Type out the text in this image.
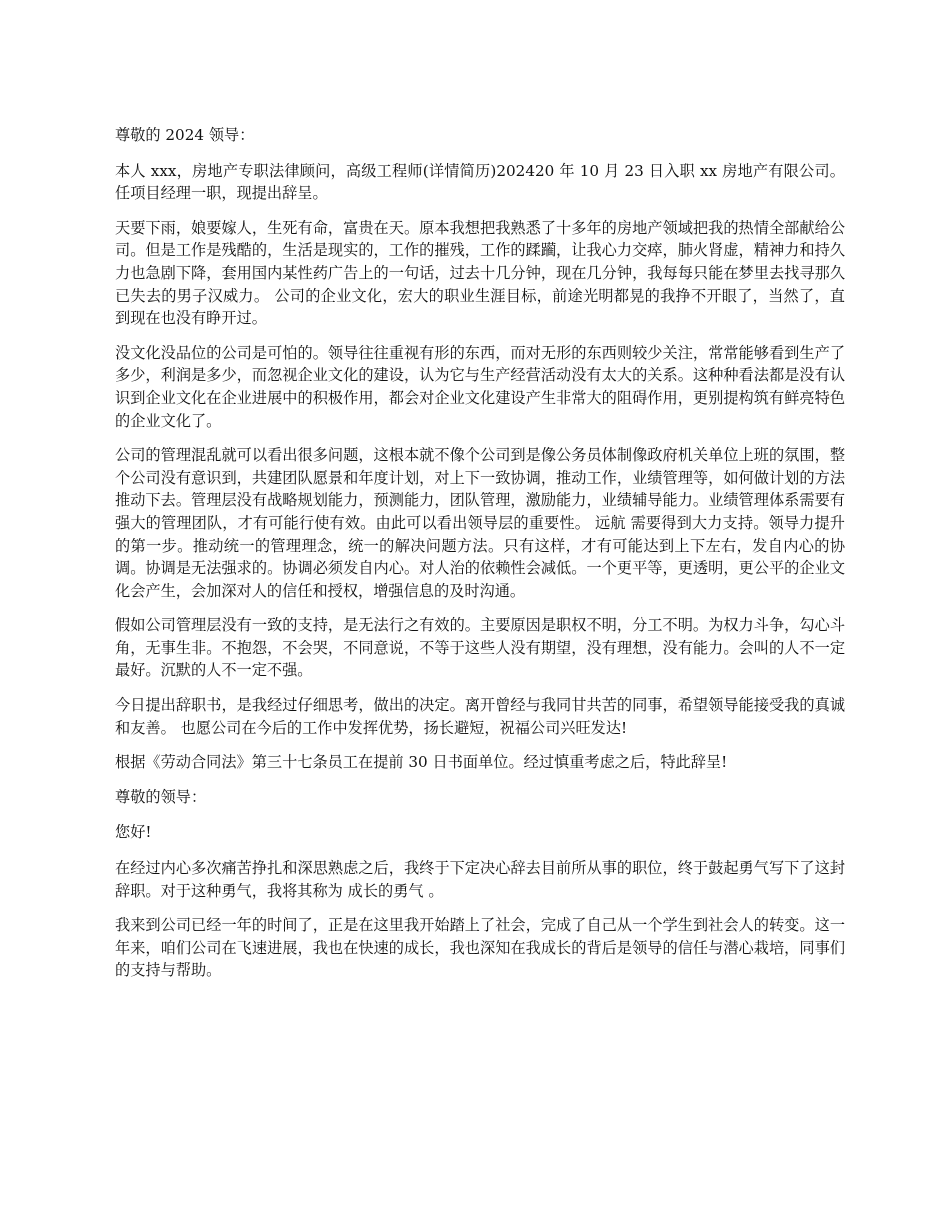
尊敬的 2024 领导：

本人 xxx，房地产专职法律顾问，高级工程师(详情简历)202420 年 10 月 23 日入职 xx 房地产有限公司。任项目经理一职，现提出辞呈。

天要下雨，娘要嫁人，生死有命，富贵在天。原本我想把我熟悉了十多年的房地产领域把我的热情全部献给公司。但是工作是残酷的，生活是现实的，工作的摧残，工作的蹂躏，让我心力交瘁，肺火肾虚，精神力和持久力也急剧下降，套用国内某性药广告上的一句话，过去十几分钟，现在几分钟，我每每只能在梦里去找寻那久已失去的男子汉威力。 公司的企业文化，宏大的职业生涯目标，前途光明都晃的我挣不开眼了，当然了，直到现在也没有睁开过。

没文化没品位的公司是可怕的。领导往往重视有形的东西，而对无形的东西则较少关注，常常能够看到生产了多少，利润是多少，而忽视企业文化的建设，认为它与生产经营活动没有太大的关系。这种种看法都是没有认识到企业文化在企业进展中的积极作用，都会对企业文化建设产生非常大的阻碍作用，更别提构筑有鲜亮特色的企业文化了。

公司的管理混乱就可以看出很多问题，这根本就不像个公司到是像公务员体制像政府机关单位上班的氛围，整个公司没有意识到，共建团队愿景和年度计划，对上下一致协调，推动工作，业绩管理等，如何做计划的方法推动下去。管理层没有战略规划能力，预测能力，团队管理，激励能力，业绩辅导能力。业绩管理体系需要有强大的管理团队，才有可能行使有效。由此可以看出领导层的重要性。 远航 需要得到大力支持。领导力提升的第一步。推动统一的管理理念，统一的解决问题方法。只有这样，才有可能达到上下左右，发自内心的协调。协调是无法强求的。协调必须发自内心。对人治的依赖性会减低。一个更平等，更透明，更公平的企业文化会产生，会加深对人的信任和授权，增强信息的及时沟通。

假如公司管理层没有一致的支持，是无法行之有效的。主要原因是职权不明，分工不明。为权力斗争，勾心斗角，无事生非。不抱怨，不会哭，不同意说，不等于这些人没有期望，没有理想，没有能力。会叫的人不一定最好。沉默的人不一定不强。

今日提出辞职书，是我经过仔细思考，做出的决定。离开曾经与我同甘共苦的同事，希望领导能接受我的真诚和友善。 也愿公司在今后的工作中发挥优势，扬长避短，祝福公司兴旺发达!

根据《劳动合同法》第三十七条员工在提前 30 日书面单位。经过慎重考虑之后，特此辞呈!

尊敬的领导：

您好!

在经过内心多次痛苦挣扎和深思熟虑之后，我终于下定决心辞去目前所从事的职位，终于鼓起勇气写下了这封辞职。对于这种勇气，我将其称为 成长的勇气 。

我来到公司已经一年的时间了，正是在这里我开始踏上了社会，完成了自己从一个学生到社会人的转变。这一年来，咱们公司在飞速进展，我也在快速的成长，我也深知在我成长的背后是领导的信任与潜心栽培，同事们的支持与帮助。
